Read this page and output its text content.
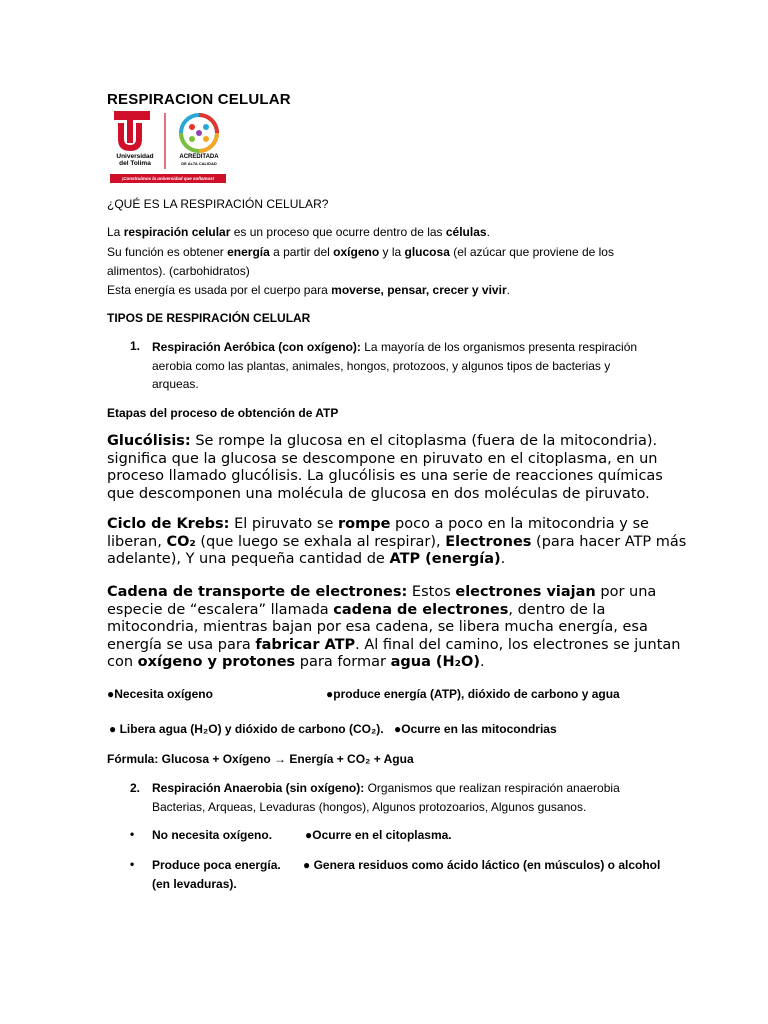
RESPIRACION CELULAR
Universidad
del Tolima
ACREDITADA
DE ALTA CALIDAD
¡Construimos la universidad que soñamos!
¿QUÉ ES LA RESPIRACIÓN CELULAR?
La respiración celular es un proceso que ocurre dentro de las células.
Su función es obtener energía a partir del oxígeno y la glucosa (el azúcar que proviene de los
alimentos). (carbohidratos)
Esta energía es usada por el cuerpo para moverse, pensar, crecer y vivir.
TIPOS DE RESPIRACIÓN CELULAR
1. Respiración Aeróbica (con oxígeno): La mayoría de los organismos presenta respiración
aerobia como las plantas, animales, hongos, protozoos, y algunos tipos de bacterias y
arqueas.
Etapas del proceso de obtención de ATP
Glucólisis: Se rompe la glucosa en el citoplasma (fuera de la mitocondria).
significa que la glucosa se descompone en piruvato en el citoplasma, en un
proceso llamado glucólisis. La glucólisis es una serie de reacciones químicas
que descomponen una molécula de glucosa en dos moléculas de piruvato.
Ciclo de Krebs: El piruvato se rompe poco a poco en la mitocondria y se
liberan, CO₂ (que luego se exhala al respirar), Electrones (para hacer ATP más
adelante), Y una pequeña cantidad de ATP (energía).
Cadena de transporte de electrones: Estos electrones viajan por una
especie de “escalera” llamada cadena de electrones, dentro de la
mitocondria, mientras bajan por esa cadena, se libera mucha energía, esa
energía se usa para fabricar ATP. Al final del camino, los electrones se juntan
con oxígeno y protones para formar agua (H₂O).
●Necesita oxígeno	●produce energía (ATP), dióxido de carbono y agua
● Libera agua (H₂O) y dióxido de carbono (CO₂). ●Ocurre en las mitocondrias
Fórmula: Glucosa + Oxígeno → Energía + CO₂ + Agua
2. Respiración Anaerobia (sin oxígeno): Organismos que realizan respiración anaerobia
Bacterias, Arqueas, Levaduras (hongos), Algunos protozoarios, Algunos gusanos.
• No necesita oxígeno.	●Ocurre en el citoplasma.
• Produce poca energía. ● Genera residuos como ácido láctico (en músculos) o alcohol
(en levaduras).
